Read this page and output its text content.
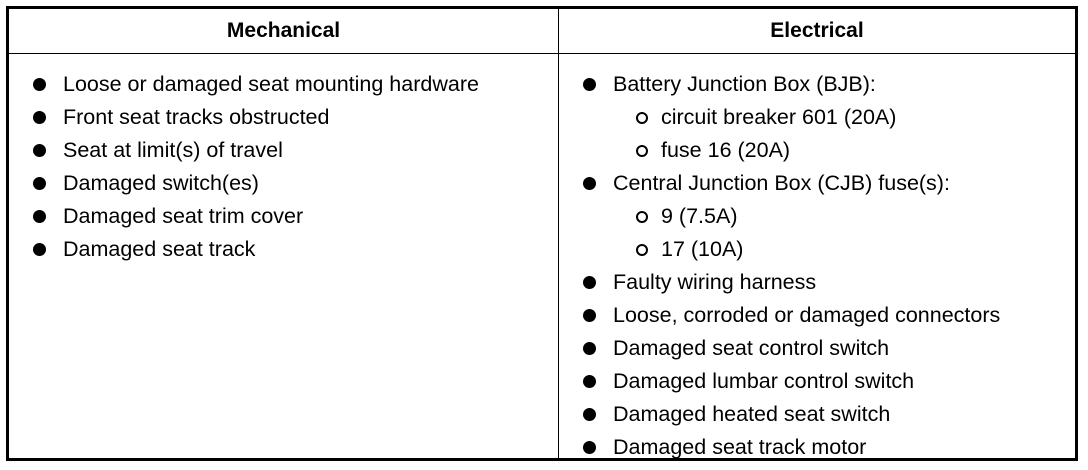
Mechanical	Electrical
Loose or damaged seat mounting hardware
Front seat tracks obstructed
Seat at limit(s) of travel
Damaged switch(es)
Damaged seat trim cover
Damaged seat track
Battery Junction Box (BJB):
circuit breaker 601 (20A)
fuse 16 (20A)
Central Junction Box (CJB) fuse(s):
9 (7.5A)
17 (10A)
Faulty wiring harness
Loose, corroded or damaged connectors
Damaged seat control switch
Damaged lumbar control switch
Damaged heated seat switch
Damaged seat track motor
